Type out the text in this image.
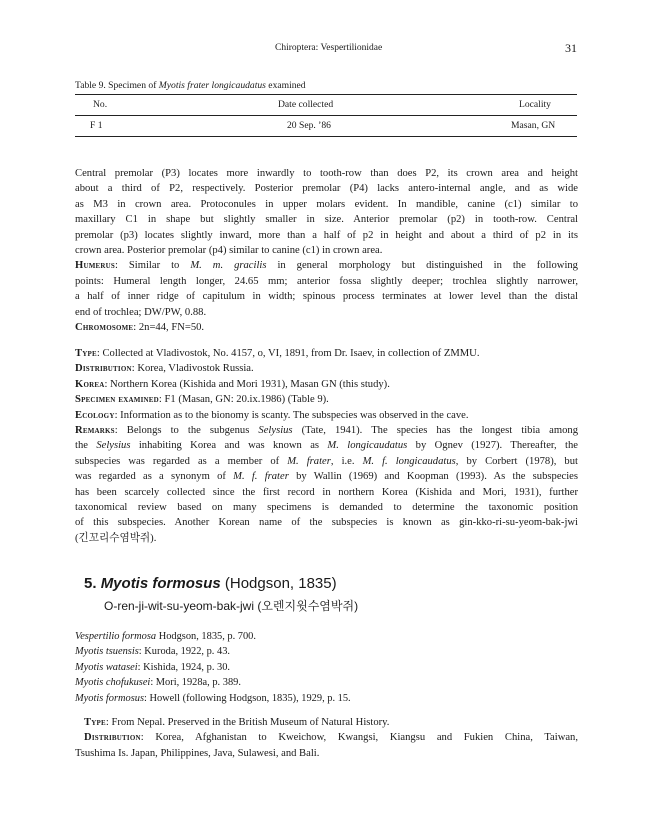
Chiroptera: Vespertilionidae	31
Table 9. Specimen of Myotis frater longicaudatus examined
No.	Date collected	Locality
F 1	20 Sep. ’86	Masan, GN
Central premolar (P3) locates more inwardly to tooth-row than does P2, its crown area and height
about a third of P2, respectively. Posterior premolar (P4) lacks antero-internal angle, and as wide
as M3 in crown area. Protoconules in upper molars evident. In mandible, canine (c1) similar to
maxillary C1 in shape but slightly smaller in size. Anterior premolar (p2) in tooth-row. Central
premolar (p3) locates slightly inward, more than a half of p2 in height and about a third of p2 in its
crown area. Posterior premolar (p4) similar to canine (c1) in crown area.
Humerus: Similar to M. m. gracilis in general morphology but distinguished in the following
points: Humeral length longer, 24.65 mm; anterior fossa slightly deeper; trochlea slightly narrower,
a half of inner ridge of capitulum in width; spinous process terminates at lower level than the distal
end of trochlea; DW/PW, 0.88.
Chromosome: 2n=44, FN=50.
Type: Collected at Vladivostok, No. 4157, o, VI, 1891, from Dr. Isaev, in collection of ZMMU.
Distribution: Korea, Vladivostok Russia.
Korea: Northern Korea (Kishida and Mori 1931), Masan GN (this study).
Specimen examined: F1 (Masan, GN: 20.ix.1986) (Table 9).
Ecology: Information as to the bionomy is scanty. The subspecies was observed in the cave.
Remarks: Belongs to the subgenus Selysius (Tate, 1941). The species has the longest tibia among
the Selysius inhabiting Korea and was known as M. longicaudatus by Ognev (1927). Thereafter, the
subspecies was regarded as a member of M. frater, i.e. M. f. longicaudatus, by Corbert (1978), but
was regarded as a synonym of M. f. frater by Wallin (1969) and Koopman (1993). As the subspecies
has been scarcely collected since the first record in northern Korea (Kishida and Mori, 1931), further
taxonomical review based on many specimens is demanded to determine the taxonomic position
of this subspecies. Another Korean name of the subspecies is known as gin-kko-ri-su-yeom-bak-jwi
(긴꼬리수염박쥐).
5. Myotis formosus (Hodgson, 1835)
O-ren-ji-wit-su-yeom-bak-jwi (오렌지윗수염박쥐)
Vespertilio formosa Hodgson, 1835, p. 700.
Myotis tsuensis: Kuroda, 1922, p. 43.
Myotis watasei: Kishida, 1924, p. 30.
Myotis chofukusei: Mori, 1928a, p. 389.
Myotis formosus: Howell (following Hodgson, 1835), 1929, p. 15.
Type: From Nepal. Preserved in the British Museum of Natural History.
Distribution: Korea, Afghanistan to Kweichow, Kwangsi, Kiangsu and Fukien China, Taiwan,
Tsushima Is. Japan, Philippines, Java, Sulawesi, and Bali.
